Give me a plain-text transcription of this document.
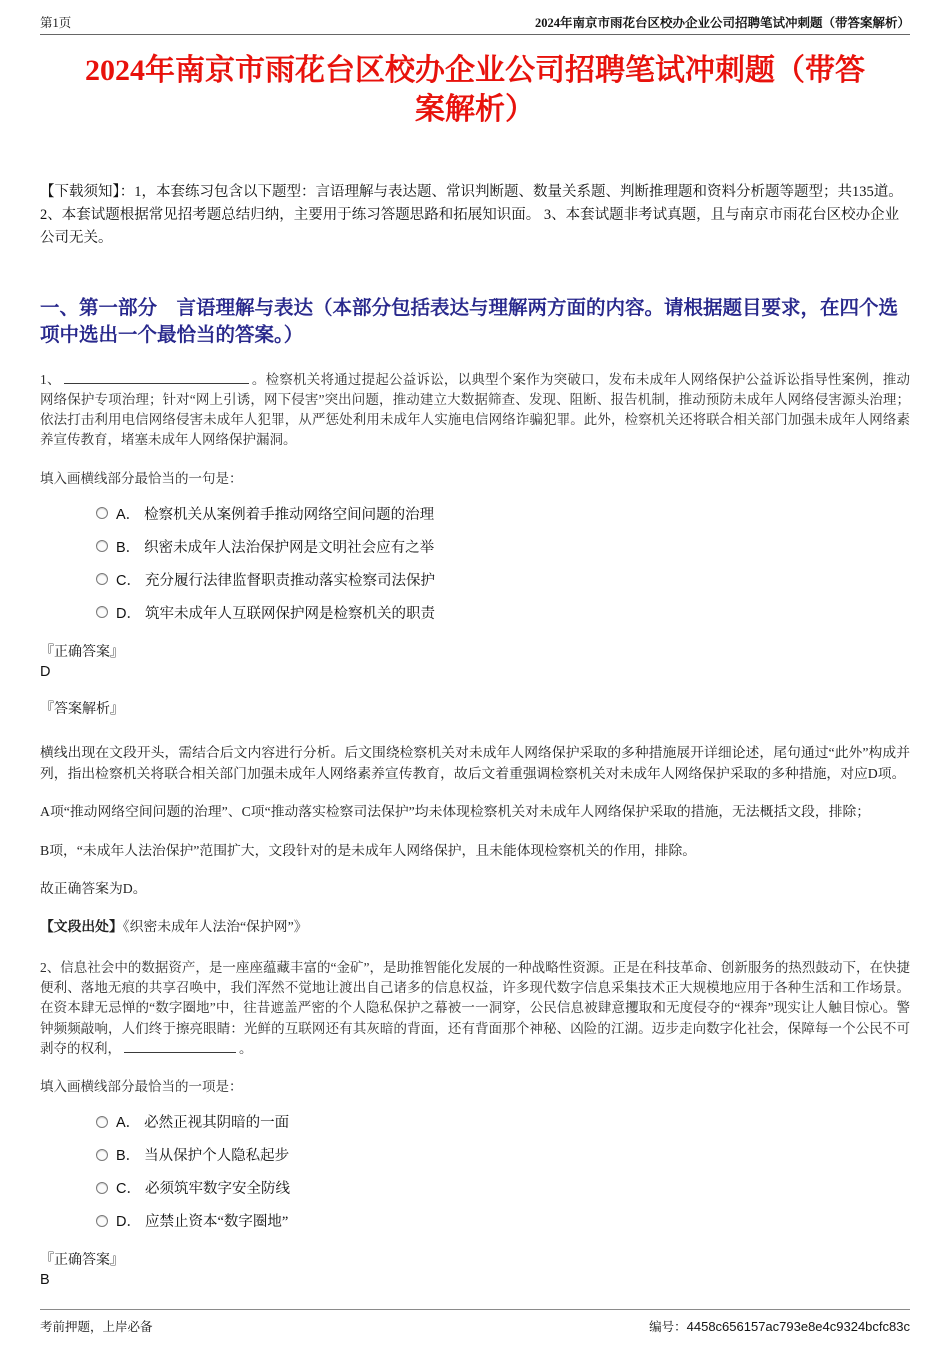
第1页	2024年南京市雨花台区校办企业公司招聘笔试冲刺题（带答案解析）
2024年南京市雨花台区校办企业公司招聘笔试冲刺题（带答案解析）

【下载须知】：1，本套练习包含以下题型：言语理解与表达题、常识判断题、数量关系题、判断推理题和资料分析题等题型；共135道。 2、本套试题根据常见招考题总结归纳，主要用于练习答题思路和拓展知识面。 3、本套试题非考试真题，且与南京市雨花台区校办企业公司无关。

一、第一部分　言语理解与表达（本部分包括表达与理解两方面的内容。请根据题目要求，在四个选项中选出一个最恰当的答案。）

1、	。检察机关将通过提起公益诉讼，以典型个案作为突破口，发布未成年人网络保护公益诉讼指导性案例，推动网络保护专项治理；针对“网上引诱，网下侵害”突出问题，推动建立大数据筛查、发现、阻断、报告机制，推动预防未成年人网络侵害源头治理；依法打击利用电信网络侵害未成年人犯罪，从严惩处利用未成年人实施电信网络诈骗犯罪。此外，检察机关还将联合相关部门加强未成年人网络素养宣传教育，堵塞未成年人网络保护漏洞。

填入画横线部分最恰当的一句是：

A． 检察机关从案例着手推动网络空间问题的治理
B． 织密未成年人法治保护网是文明社会应有之举
C． 充分履行法律监督职责推动落实检察司法保护
D． 筑牢未成年人互联网保护网是检察机关的职责

『正确答案』

D

『答案解析』

横线出现在文段开头，需结合后文内容进行分析。后文围绕检察机关对未成年人网络保护采取的多种措施展开详细论述，尾句通过“此外”构成并列，指出检察机关将联合相关部门加强未成年人网络素养宣传教育，故后文着重强调检察机关对未成年人网络保护采取的多种措施，对应D项。

A项“推动网络空间问题的治理”、C项“推动落实检察司法保护”均未体现检察机关对未成年人网络保护采取的措施，无法概括文段，排除；

B项，“未成年人法治保护”范围扩大，文段针对的是未成年人网络保护，且未能体现检察机关的作用，排除。

故正确答案为D。

【文段出处】《织密未成年人法治“保护网”》

2、信息社会中的数据资产，是一座座蕴藏丰富的“金矿”，是助推智能化发展的一种战略性资源。正是在科技革命、创新服务的热烈鼓动下，在快捷便利、落地无痕的共享召唤中，我们浑然不觉地让渡出自己诸多的信息权益，许多现代数字信息采集技术正大规模地应用于各种生活和工作场景。在资本肆无忌惮的“数字圈地”中，往昔遮盖严密的个人隐私保护之幕被一一洞穿，公民信息被肆意攫取和无度侵夺的“裸奔”现实让人触目惊心。警钟频频敲响，人们终于擦亮眼睛：光鲜的互联网还有其灰暗的背面，还有背面那个神秘、凶险的江湖。迈步走向数字化社会，保障每一个公民不可剥夺的权利，	。

填入画横线部分最恰当的一项是：

A． 必然正视其阴暗的一面
B． 当从保护个人隐私起步
C． 必须筑牢数字安全防线
D． 应禁止资本“数字圈地”

『正确答案』

B

考前押题，上岸必备	编号：4458c656157ac793e8e4c9324bcfc83c
